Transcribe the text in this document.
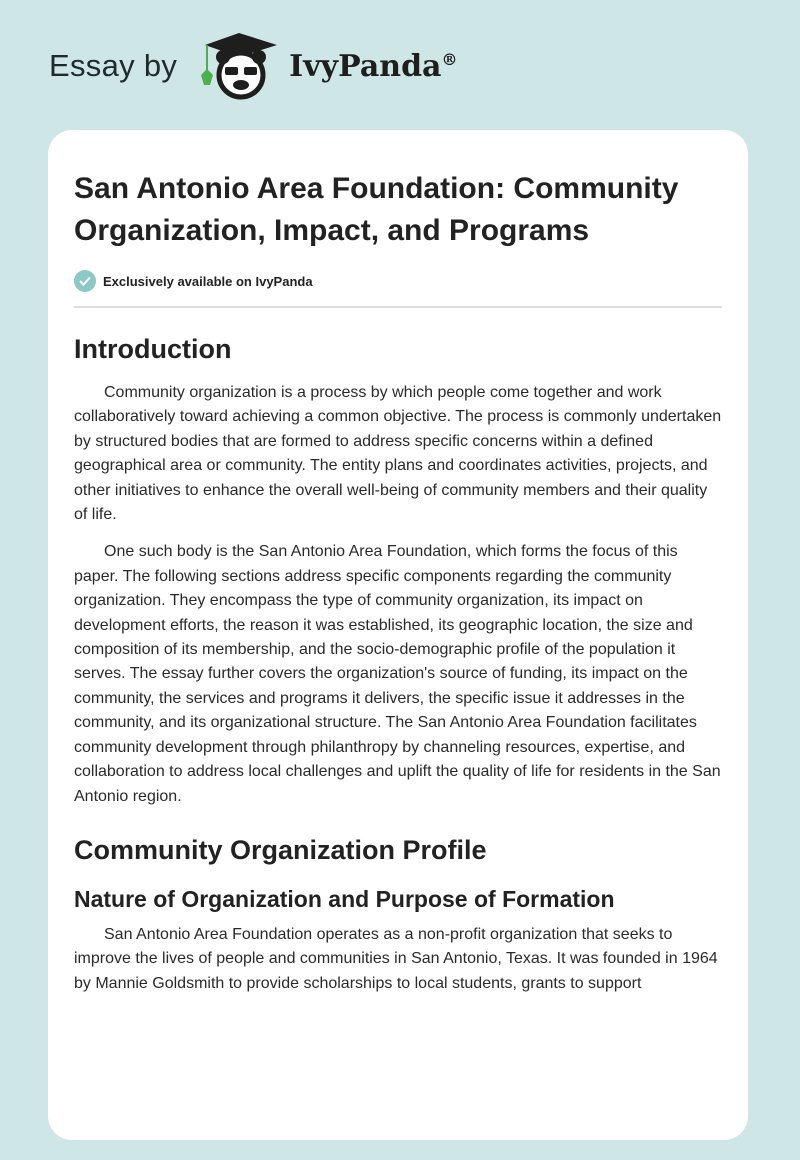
Essay by	IvyPanda®
San Antonio Area Foundation: Community Organization, Impact, and Programs
Exclusively available on IvyPanda
Introduction

Community organization is a process by which people come together and work collaboratively toward achieving a common objective. The process is commonly undertaken by structured bodies that are formed to address specific concerns within a defined geographical area or community. The entity plans and coordinates activities, projects, and other initiatives to enhance the overall well-being of community members and their quality of life.

One such body is the San Antonio Area Foundation, which forms the focus of this paper. The following sections address specific components regarding the community organization. They encompass the type of community organization, its impact on development efforts, the reason it was established, its geographic location, the size and composition of its membership, and the socio-demographic profile of the population it serves. The essay further covers the organization's source of funding, its impact on the community, the services and programs it delivers, the specific issue it addresses in the community, and its organizational structure. The San Antonio Area Foundation facilitates community development through philanthropy by channeling resources, expertise, and collaboration to address local challenges and uplift the quality of life for residents in the San Antonio region.

Community Organization Profile
Nature of Organization and Purpose of Formation

San Antonio Area Foundation operates as a non-profit organization that seeks to improve the lives of people and communities in San Antonio, Texas. It was founded in 1964 by Mannie Goldsmith to provide scholarships to local students, grants to support
